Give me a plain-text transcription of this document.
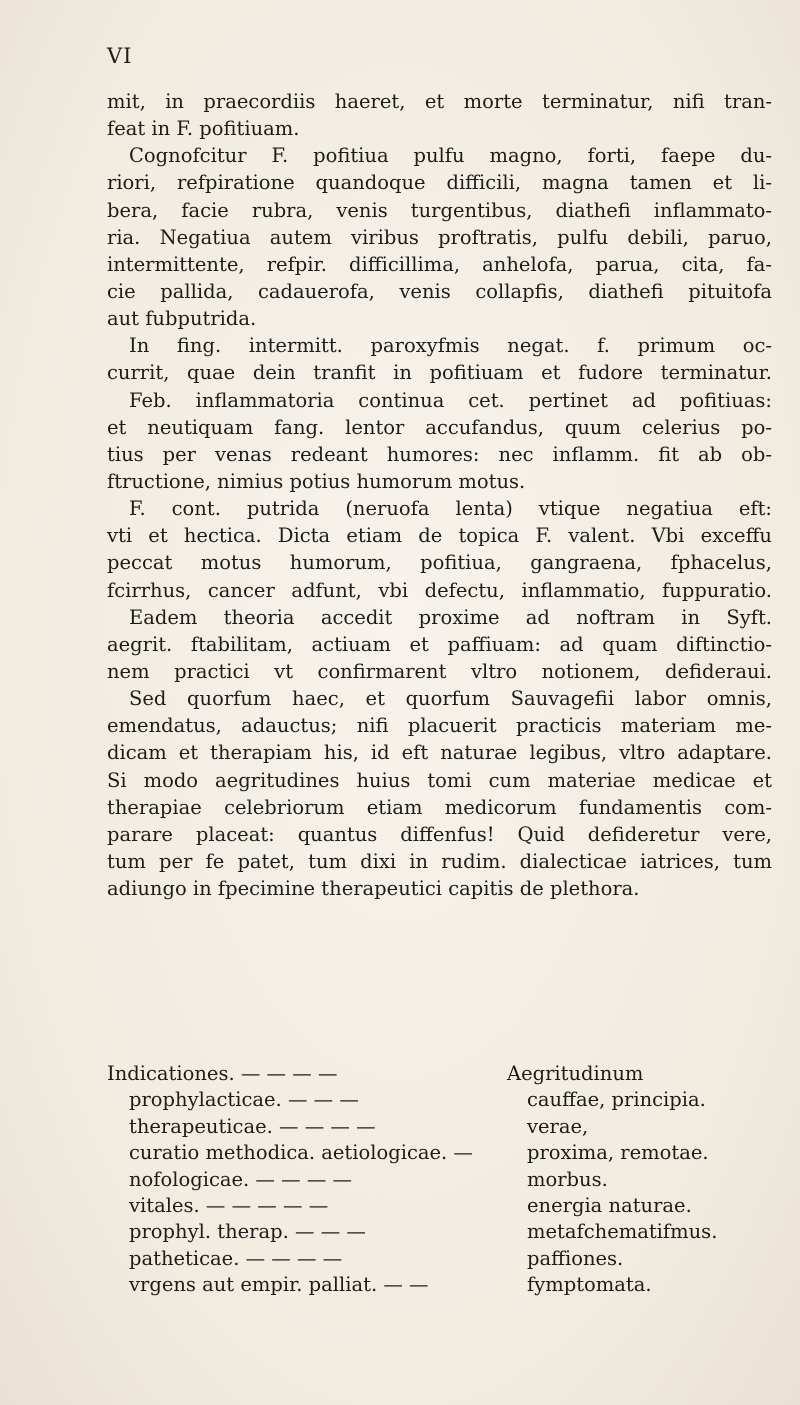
VI
mit, in praecordiis haeret, et morte terminatur, nifi tran-
feat in F. pofitiuam.
Cognofcitur F. pofitiua pulfu magno, forti, faepe du-
riori, refpiratione quandoque difficili, magna tamen et li-
bera, facie rubra, venis turgentibus, diathefi inflammato-
ria. Negatiua autem viribus proftratis, pulfu debili, paruo,
intermittente, refpir. difficillima, anhelofa, parua, cita, fa-
cie pallida, cadauerofa, venis collapfis, diathefi pituitofa
aut fubputrida.
In fing. intermitt. paroxyfmis negat. f. primum oc-
currit, quae dein tranfit in pofitiuam et fudore terminatur.
Feb. inflammatoria continua cet. pertinet ad pofitiuas:
et neutiquam fang. lentor accufandus, quum celerius po-
tius per venas redeant humores: nec inflamm. fit ab ob-
ftructione, nimius potius humorum motus.
F. cont. putrida (neruofa lenta) vtique negatiua eft:
vti et hectica. Dicta etiam de topica F. valent. Vbi exceffu
peccat motus humorum, pofitiua, gangraena, fphacelus,
fcirrhus, cancer adfunt, vbi defectu, inflammatio, fuppuratio.
Eadem theoria accedit proxime ad noftram in Syft.
aegrit. ftabilitam, actiuam et paffiuam: ad quam diftinctio-
nem practici vt confirmarent vltro notionem, defideraui.
Sed quorfum haec, et quorfum Sauvagefii labor omnis,
emendatus, adauctus; nifi placuerit practicis materiam me-
dicam et therapiam his, id eft naturae legibus, vltro adaptare.
Si modo aegritudines huius tomi cum materiae medicae et
therapiae celebriorum etiam medicorum fundamentis com-
parare placeat: quantus diffenfus! Quid defideretur vere,
tum per fe patet, tum dixi in rudim. dialecticae iatrices, tum
adiungo in fpecimine therapeutici capitis de plethora.
Indicationes. — — — —	Aegritudinum
prophylacticae. — — —	cauffae, principia.
therapeuticae. — — — —	verae,
curatio methodica. aetiologicae. —	proxima, remotae.
nofologicae. — — — —	morbus.
vitales. — — — — —	energia naturae.
prophyl. therap. — — —	metafchematifmus.
patheticae. — — — —	paffiones.
vrgens aut empir. palliat. — —	fymptomata.
